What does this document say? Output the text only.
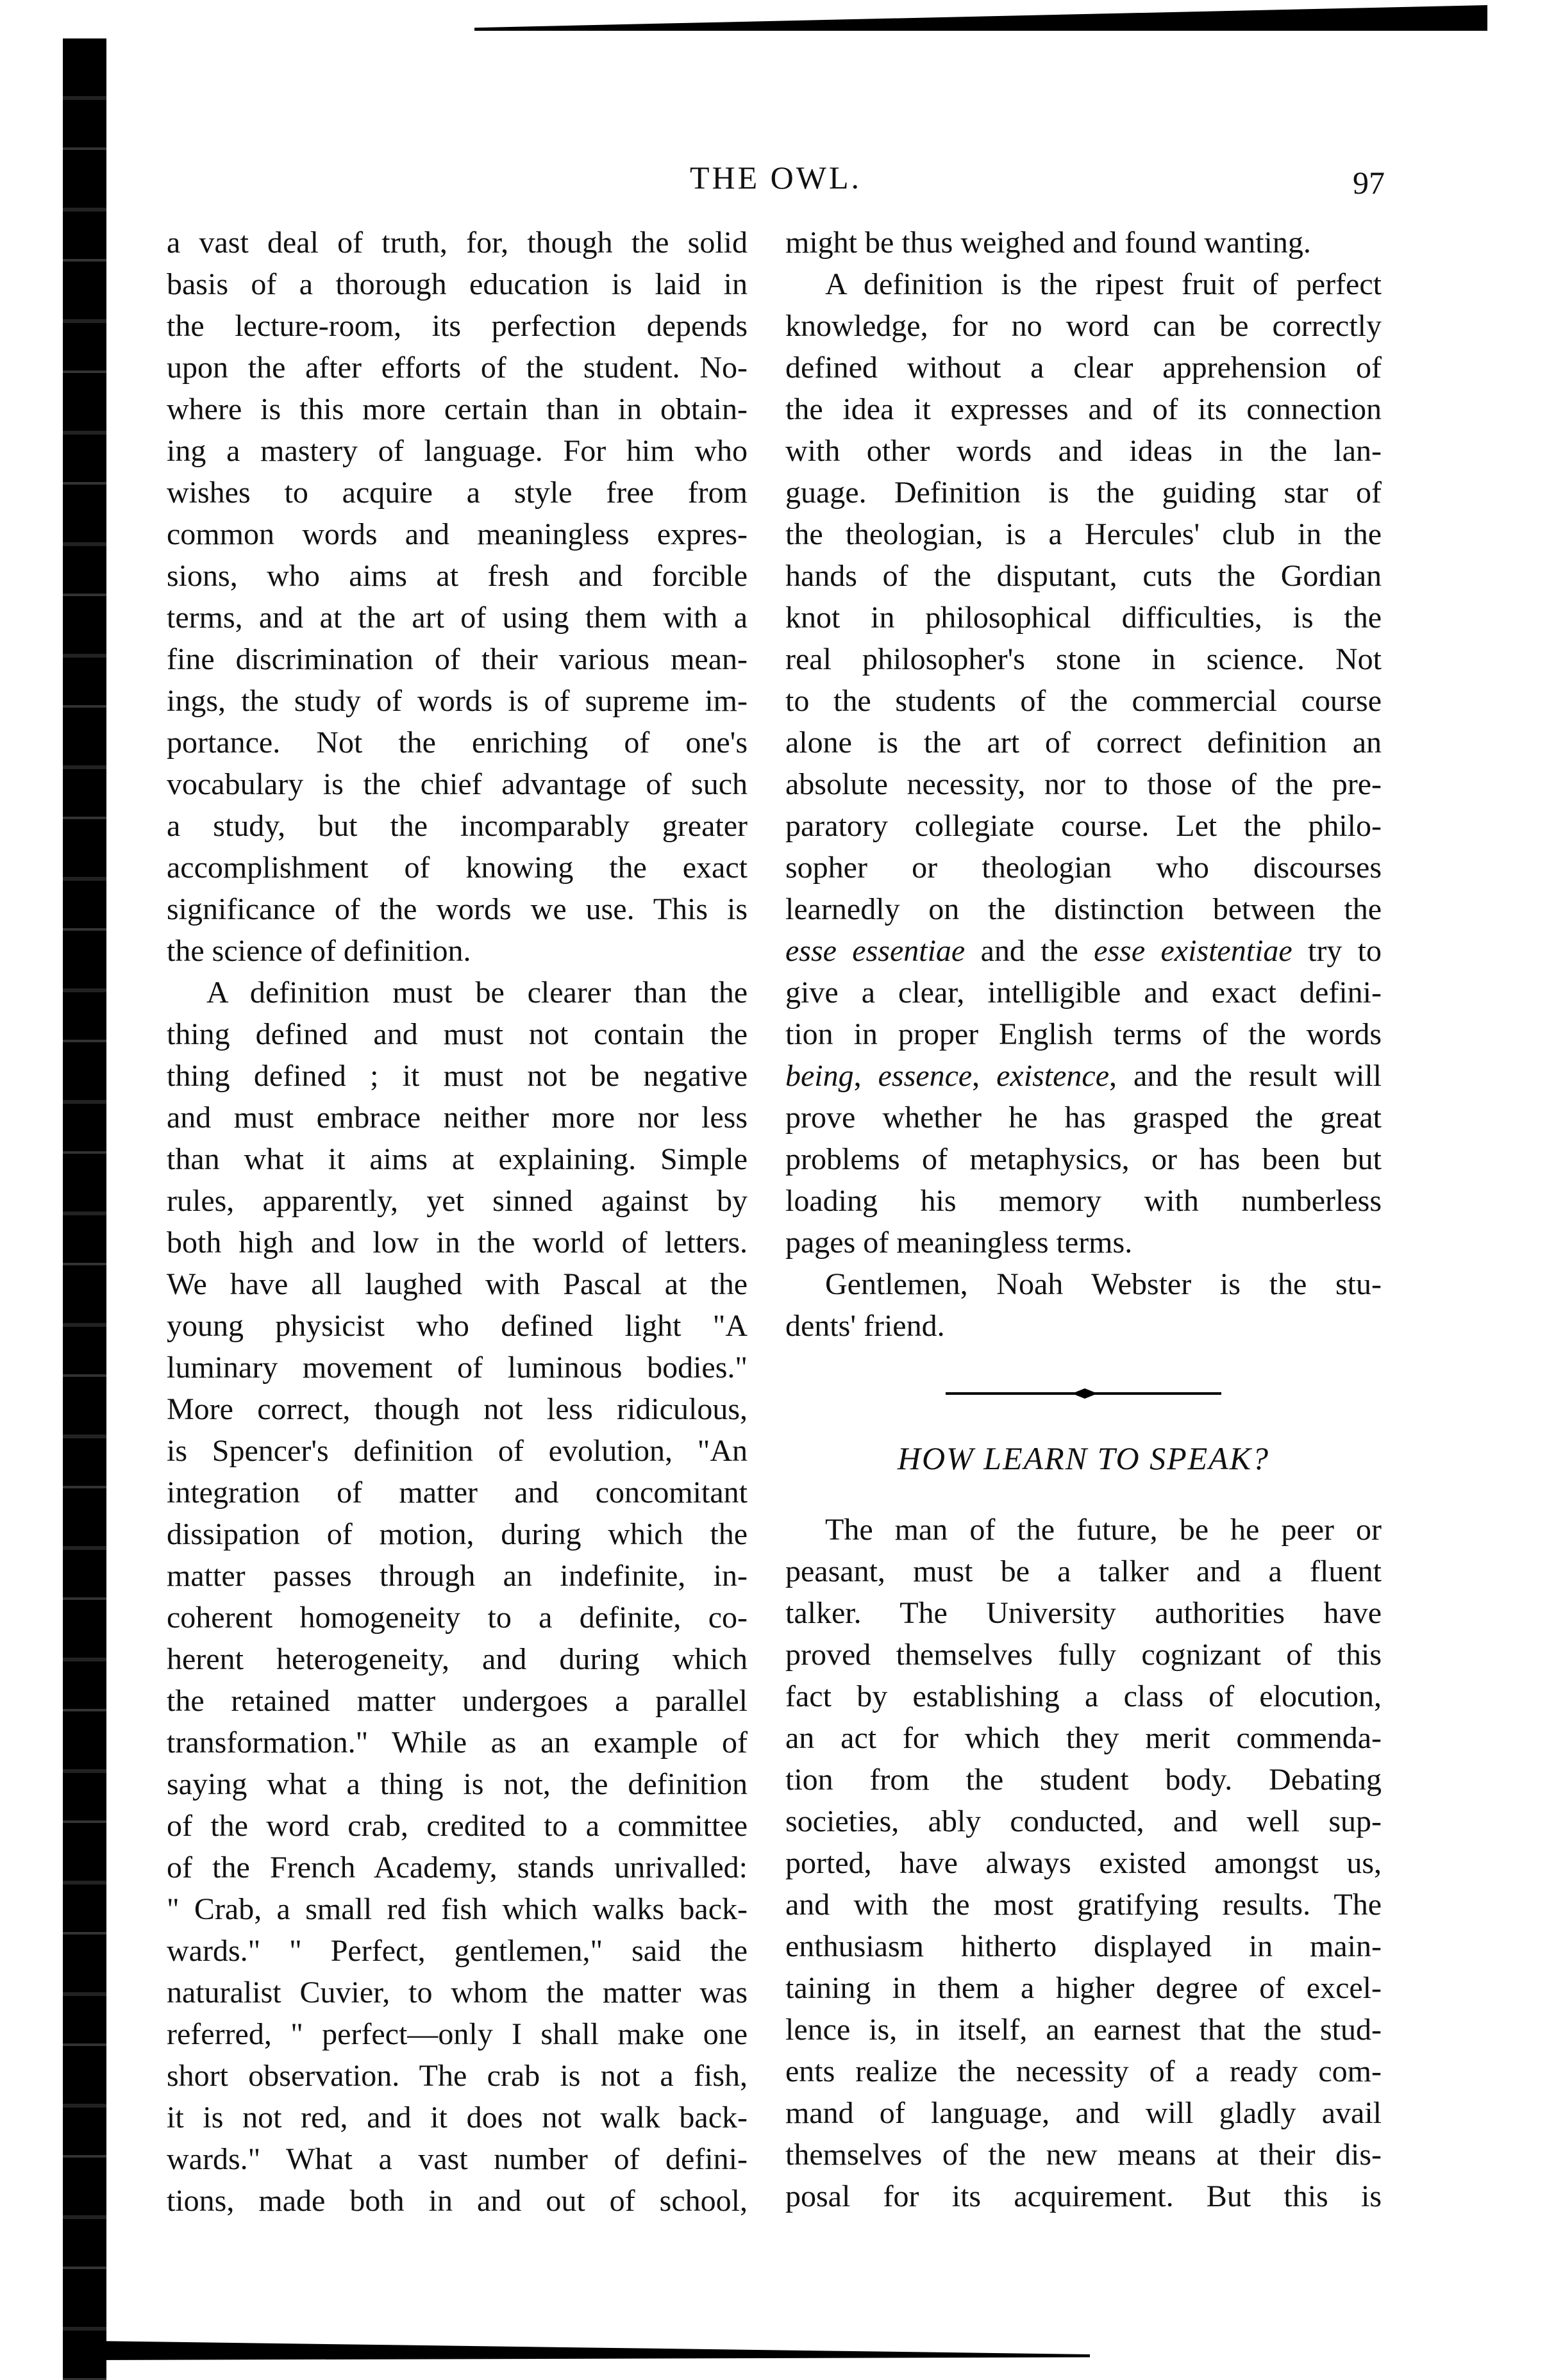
THE OWL.	97
a vast deal of truth, for, though the solid
basis of a thorough education is laid in
the lecture-room, its perfection depends
upon the after efforts of the student. No-
where is this more certain than in obtain-
ing a mastery of language. For him who
wishes to acquire a style free from
common words and meaningless expres-
sions, who aims at fresh and forcible
terms, and at the art of using them with a
fine discrimination of their various mean-
ings, the study of words is of supreme im-
portance. Not the enriching of one's
vocabulary is the chief advantage of such
a study, but the incomparably greater
accomplishment of knowing the exact
significance of the words we use. This is
the science of definition.
A definition must be clearer than the
thing defined and must not contain the
thing defined ; it must not be negative
and must embrace neither more nor less
than what it aims at explaining. Simple
rules, apparently, yet sinned against by
both high and low in the world of letters.
We have all laughed with Pascal at the
young physicist who defined light "A
luminary movement of luminous bodies."
More correct, though not less ridiculous,
is Spencer's definition of evolution, "An
integration of matter and concomitant
dissipation of motion, during which the
matter passes through an indefinite, in-
coherent homogeneity to a definite, co-
herent heterogeneity, and during which
the retained matter undergoes a parallel
transformation." While as an example of
saying what a thing is not, the definition
of the word crab, credited to a committee
of the French Academy, stands unrivalled:
" Crab, a small red fish which walks back-
wards." " Perfect, gentlemen," said the
naturalist Cuvier, to whom the matter was
referred, " perfect—only I shall make one
short observation. The crab is not a fish,
it is not red, and it does not walk back-
wards." What a vast number of defini-
tions, made both in and out of school,
might be thus weighed and found wanting.
A definition is the ripest fruit of perfect
knowledge, for no word can be correctly
defined without a clear apprehension of
the idea it expresses and of its connection
with other words and ideas in the lan-
guage. Definition is the guiding star of
the theologian, is a Hercules' club in the
hands of the disputant, cuts the Gordian
knot in philosophical difficulties, is the
real philosopher's stone in science. Not
to the students of the commercial course
alone is the art of correct definition an
absolute necessity, nor to those of the pre-
paratory collegiate course. Let the philo-
sopher or theologian who discourses
learnedly on the distinction between the
esse essentiae and the esse existentiae try to
give a clear, intelligible and exact defini-
tion in proper English terms of the words
being, essence, existence, and the result will
prove whether he has grasped the great
problems of metaphysics, or has been but
loading his memory with numberless
pages of meaningless terms.
Gentlemen, Noah Webster is the stu-
dents' friend.
HOW LEARN TO SPEAK?
The man of the future, be he peer or
peasant, must be a talker and a fluent
talker. The University authorities have
proved themselves fully cognizant of this
fact by establishing a class of elocution,
an act for which they merit commenda-
tion from the student body. Debating
societies, ably conducted, and well sup-
ported, have always existed amongst us,
and with the most gratifying results. The
enthusiasm hitherto displayed in main-
taining in them a higher degree of excel-
lence is, in itself, an earnest that the stud-
ents realize the necessity of a ready com-
mand of language, and will gladly avail
themselves of the new means at their dis-
posal for its acquirement. But this is
